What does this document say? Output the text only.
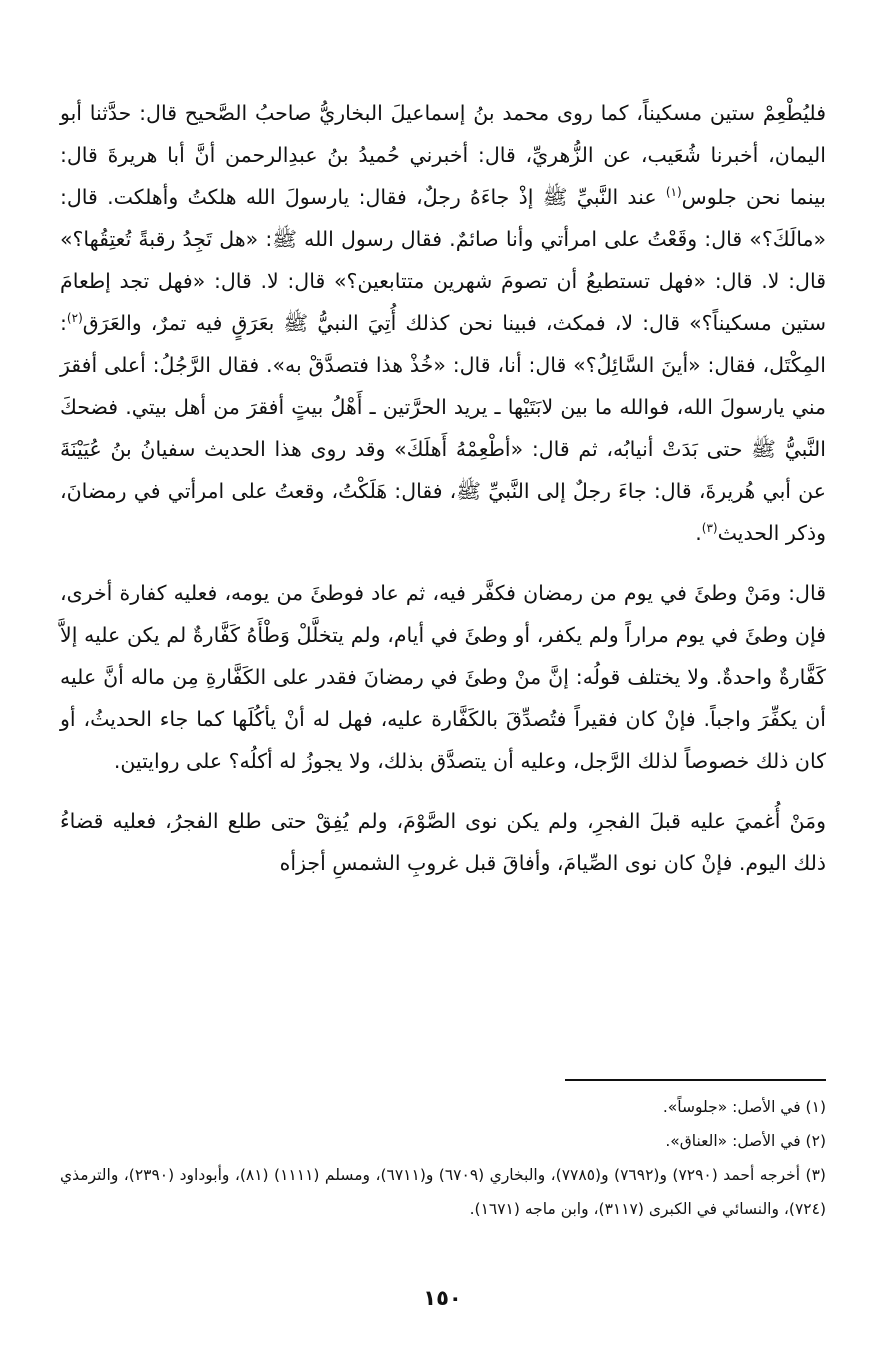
فليُطْعِمْ ستين مسكيناً، كما روى محمد بنُ إسماعيلَ البخاريُّ صاحبُ الصَّحيح قال: حدَّثنا أبو اليمان، أخبرنا شُعَيب، عن الزُّهريِّ، قال: أخبرني حُميدُ بنُ عبدِالرحمن أنَّ أبا هريرةَ قال: بينما نحن جلوس$^{(١)}$ عند النَّبيِّ ﷺ إذْ جاءَهُ رجلٌ، فقال: يارسولَ الله هلكتُ وأهلكت. قال: «مالَكَ؟» قال: وقَعْتُ على امرأتي وأنا صائمٌ. فقال رسول الله ﷺ: «هل تَجِدُ رقبةً تُعتِقُها؟» قال: لا. قال: «فهل تستطيعُ أن تصومَ شهرين متتابعين؟» قال: لا. قال: «فهل تجد إطعامَ ستين مسكيناً؟» قال: لا، فمكث، فبينا نحن كذلك أُتِيَ النبيُّ ﷺ بعَرَقٍ فيه تمرٌ، والعَرَق$^{(٢)}$: المِكْتَل، فقال: «أينَ السَّائِلُ؟» قال: أنا، قال: «خُذْ هذا فتصدَّقْ به». فقال الرَّجُلُ: أعلى أفقرَ مني يارسولَ الله، فوالله ما بين لابَتَيْها ـ يريد الحرَّتين ـ أَهْلُ بيتٍ أفقرَ من أهل بيتي. فضحكَ النَّبيُّ ﷺ حتى بَدَتْ أنيابُه، ثم قال: «أطْعِمْهُ أَهلَكَ» وقد روى هذا الحديث سفيانُ بنُ عُيَيْنَةَ عن أبي هُريرةَ، قال: جاءَ رجلٌ إلى النَّبيِّ ﷺ، فقال: هَلَكْتُ، وقعتُ على امرأتي في رمضانَ، وذكر الحديث$^{(٣)}$.

قال: ومَنْ وطئَ في يوم من رمضان فكفَّر فيه، ثم عاد فوطئَ من يومه، فعليه كفارة أخرى، فإن وطئَ في يوم مراراً ولم يكفر، أو وطئَ في أيام، ولم يتخلَّلْ وَطْأَهُ كَفَّارةٌ لم يكن عليه إلاَّ كَفَّارةٌ واحدةٌ. ولا يختلف قولُه: إنَّ منْ وطئَ في رمضانَ فقدر على الكَفَّارةِ مِن ماله أنَّ عليه أن يكفِّرَ واجباً. فإنْ كان فقيراً فتُصدِّقَ بالكَفَّارة عليه، فهل له أنْ يأكُلَها كما جاء الحديثُ، أو كان ذلك خصوصاً لذلك الرَّجل، وعليه أن يتصدَّق بذلك، ولا يجوزُ له أكلُه؟ على روايتين.

ومَنْ أُغميَ عليه قبلَ الفجرِ، ولم يكن نوى الصَّوْمَ، ولم يُفِقْ حتى طلع الفجرُ، فعليه قضاءُ ذلك اليوم. فإنْ كان نوى الصِّيامَ، وأفاقَ قبل غروبِ الشمسِ أجزأه

(١) في الأصل: «جلوساً».

(٢) في الأصل: «العناق».

(٣) أخرجه أحمد (٧٢٩٠) و(٧٦٩٢) و(٧٧٨٥)، والبخاري (٦٧٠٩) و(٦٧١١)، ومسلم (١١١١) (٨١)، وأبوداود (٢٣٩٠)، والترمذي (٧٢٤)، والنسائي في الكبرى (٣١١٧)، وابن ماجه (١٦٧١).

١٥٠
